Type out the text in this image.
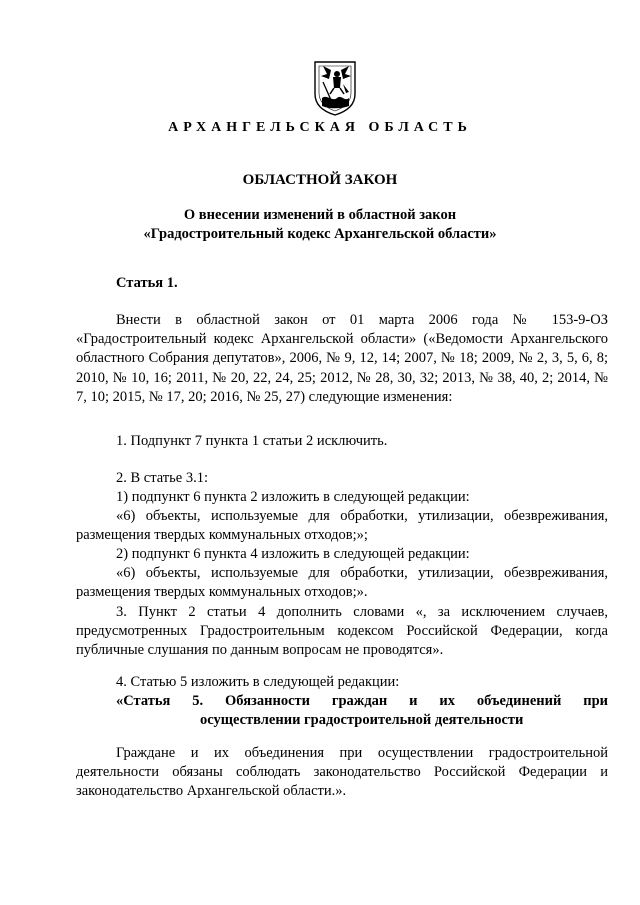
АРХАНГЕЛЬСКАЯ ОБЛАСТЬ
ОБЛАСТНОЙ ЗАКОН
О внесении изменений в областной закон
«Градостроительный кодекс Архангельской области»
Статья 1.
Внести в областной закон от 01 марта 2006 года № 153-9-ОЗ «Градостроительный кодекс Архангельской области» («Ведомости Архангельского областного Собрания депутатов», 2006, № 9, 12, 14; 2007, № 18; 2009, № 2, 3, 5, 6, 8; 2010, № 10, 16; 2011, № 20, 22, 24, 25; 2012, № 28, 30, 32; 2013, № 38, 40, 2; 2014, № 7, 10; 2015, № 17, 20; 2016, № 25, 27) следующие изменения:
1. Подпункт 7 пункта 1 статьи 2 исключить.
2. В статье 3.1:
1) подпункт 6 пункта 2 изложить в следующей редакции:
«6) объекты, используемые для обработки, утилизации, обезвреживания, размещения твердых коммунальных отходов;»;
2) подпункт 6 пункта 4 изложить в следующей редакции:
«6) объекты, используемые для обработки, утилизации, обезвреживания, размещения твердых коммунальных отходов;».
3. Пункт 2 статьи 4 дополнить словами «, за исключением случаев, предусмотренных Градостроительным кодексом Российской Федерации, когда публичные слушания по данным вопросам не проводятся».
4. Статью 5 изложить в следующей редакции:
«Статья 5. Обязанности граждан и их объединений при
осуществлении градостроительной деятельности
Граждане и их объединения при осуществлении градостроительной деятельности обязаны соблюдать законодательство Российской Федерации и законодательство Архангельской области.».
